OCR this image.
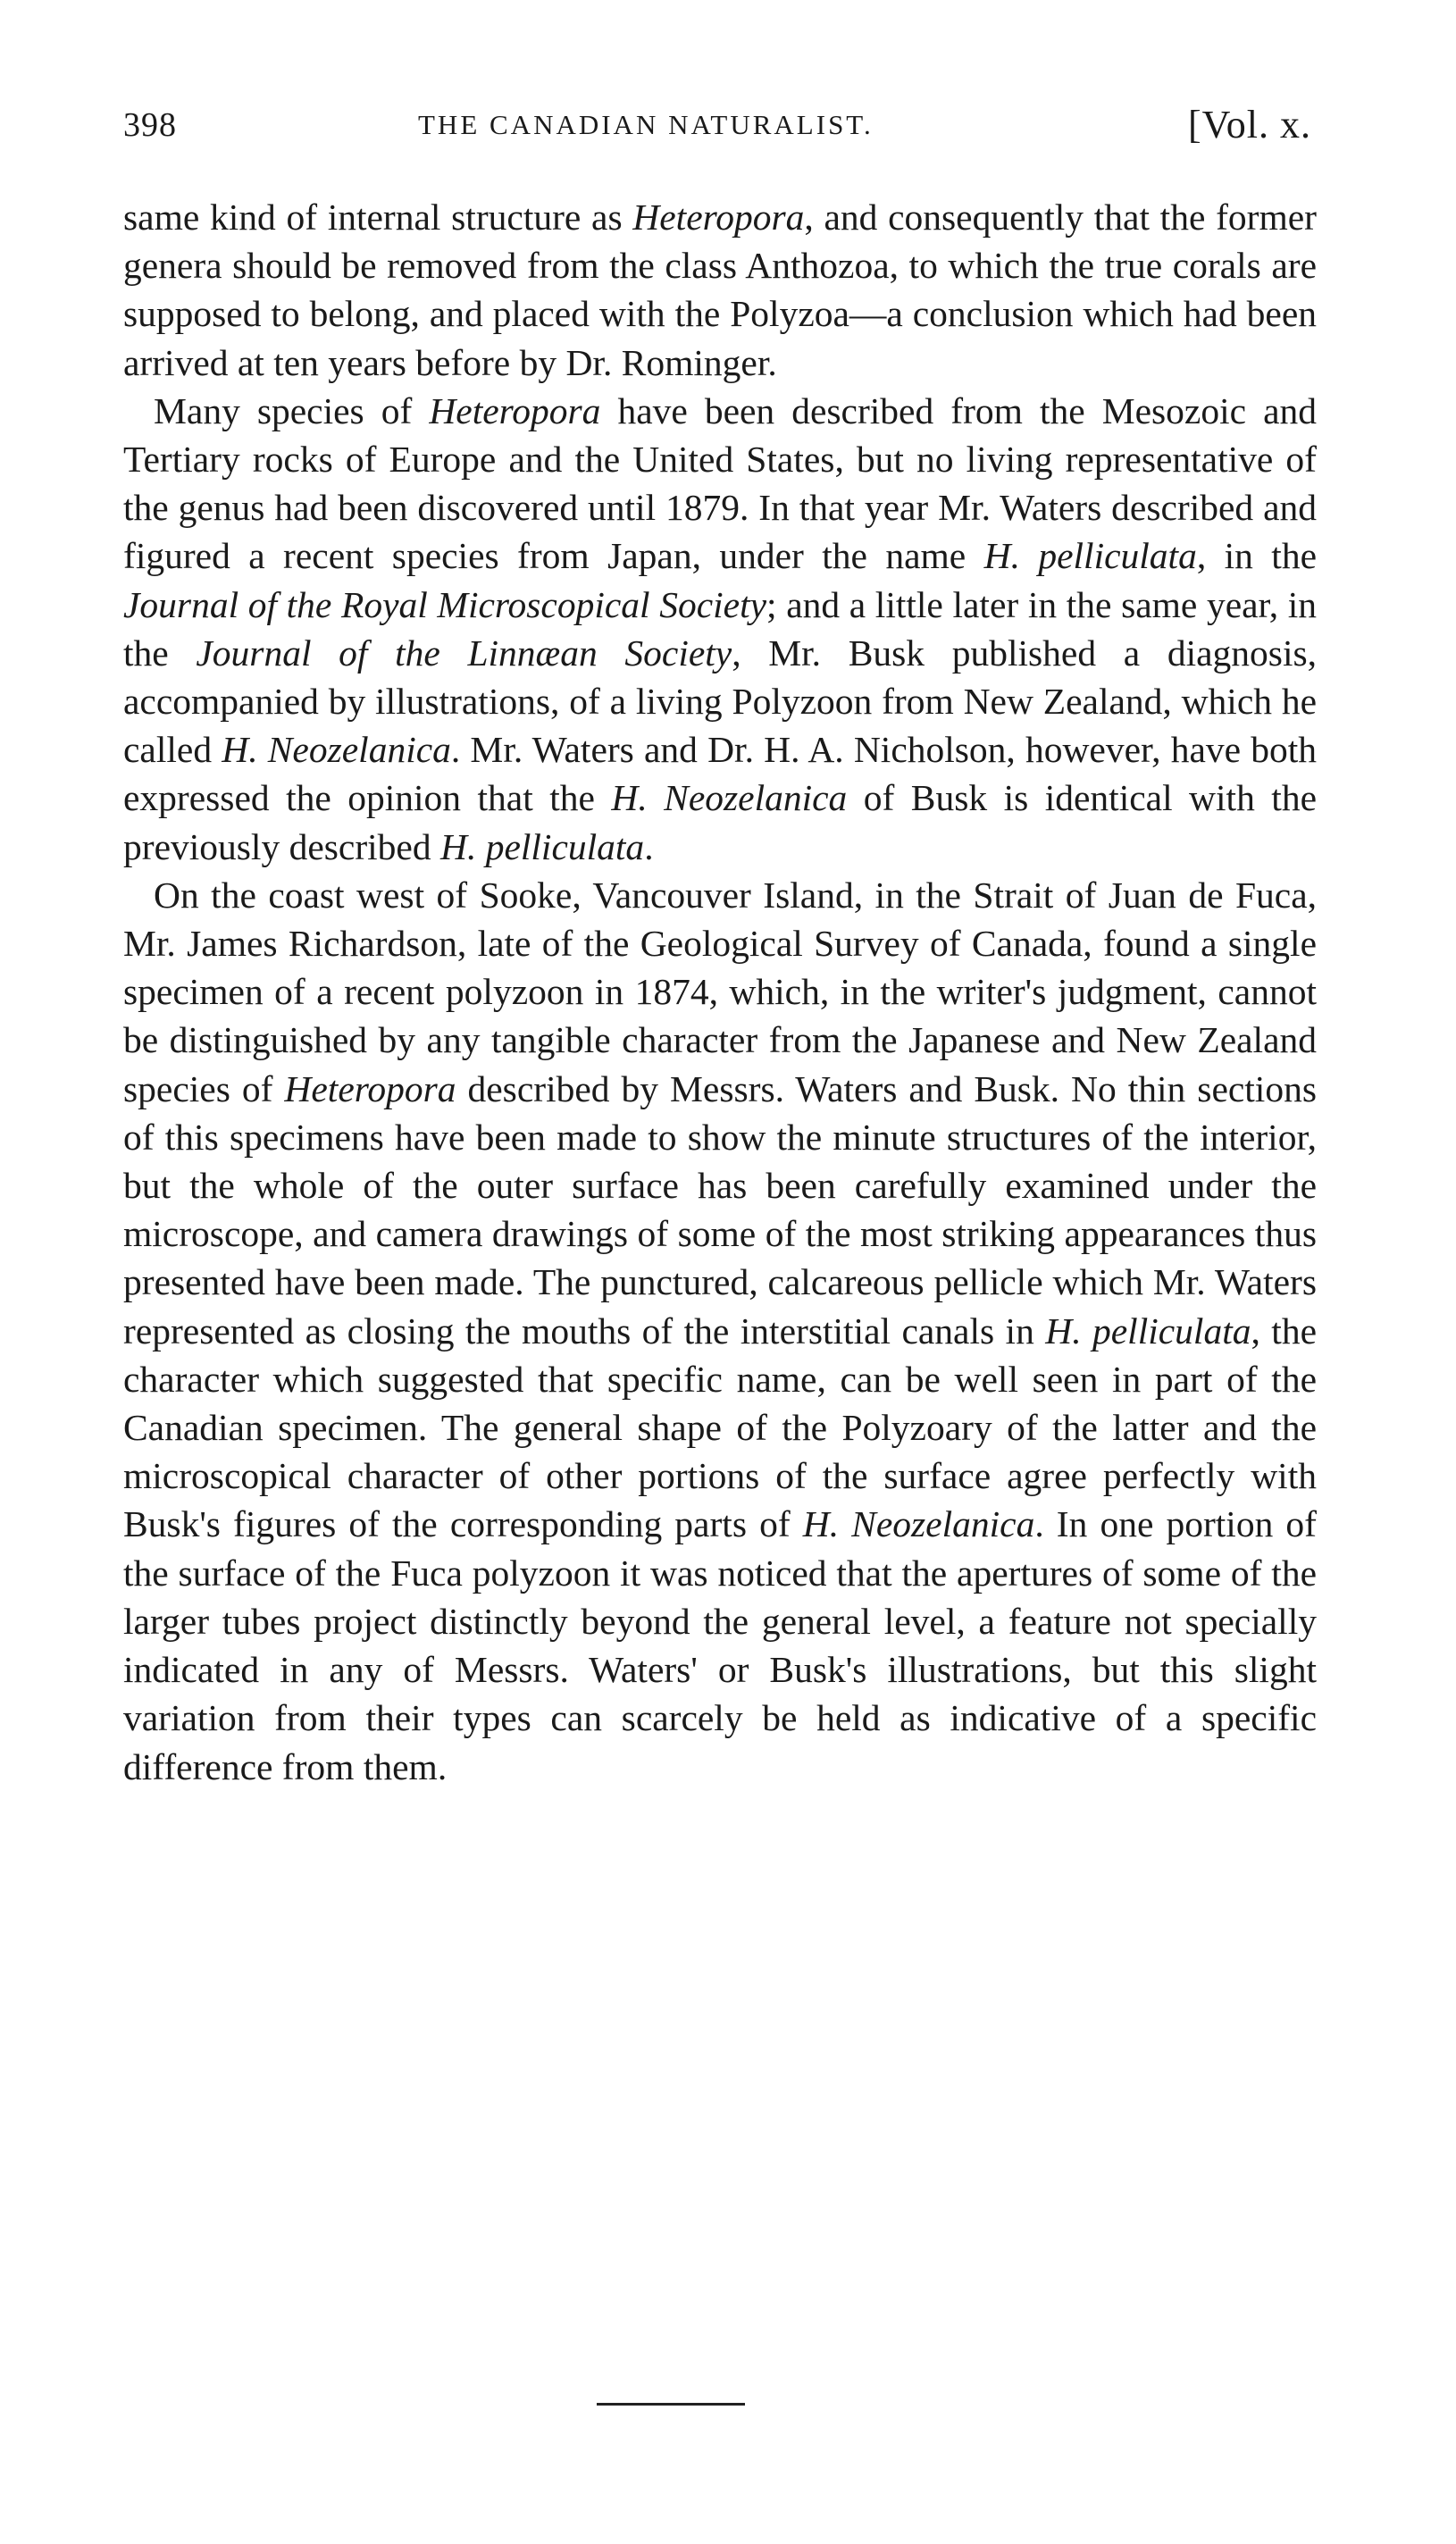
398	THE CANADIAN NATURALIST.	[Vol. x.

same kind of internal structure as Heteropora, and consequently that the former genera should be removed from the class Anthozoa, to which the true corals are supposed to belong, and placed with the Polyzoa—a conclusion which had been arrived at ten years before by Dr. Rominger.

Many species of Heteropora have been described from the Mesozoic and Tertiary rocks of Europe and the United States, but no living representative of the genus had been discovered until 1879. In that year Mr. Waters described and figured a recent species from Japan, under the name H. pelliculata, in the Journal of the Royal Microscopical Society; and a little later in the same year, in the Journal of the Linnæan Society, Mr. Busk published a diagnosis, accompanied by illustrations, of a living Polyzoon from New Zealand, which he called H. Neozelanica. Mr. Waters and Dr. H. A. Nicholson, however, have both expressed the opinion that the H. Neozelanica of Busk is identical with the previously described H. pelliculata.

On the coast west of Sooke, Vancouver Island, in the Strait of Juan de Fuca, Mr. James Richardson, late of the Geological Survey of Canada, found a single specimen of a recent polyzoon in 1874, which, in the writer's judgment, cannot be distinguished by any tangible character from the Japanese and New Zealand species of Heteropora described by Messrs. Waters and Busk. No thin sections of this specimens have been made to show the minute structures of the interior, but the whole of the outer surface has been carefully examined under the microscope, and camera drawings of some of the most striking appearances thus presented have been made. The punctured, calcareous pellicle which Mr. Waters represented as closing the mouths of the interstitial canals in H. pelliculata, the character which suggested that specific name, can be well seen in part of the Canadian specimen. The general shape of the Polyzoary of the latter and the microscopical character of other portions of the surface agree perfectly with Busk's figures of the corresponding parts of H. Neozelanica. In one portion of the surface of the Fuca polyzoon it was noticed that the apertures of some of the larger tubes project distinctly beyond the general level, a feature not specially indicated in any of Messrs. Waters' or Busk's illustrations, but this slight variation from their types can scarcely be held as indicative of a specific difference from them.
